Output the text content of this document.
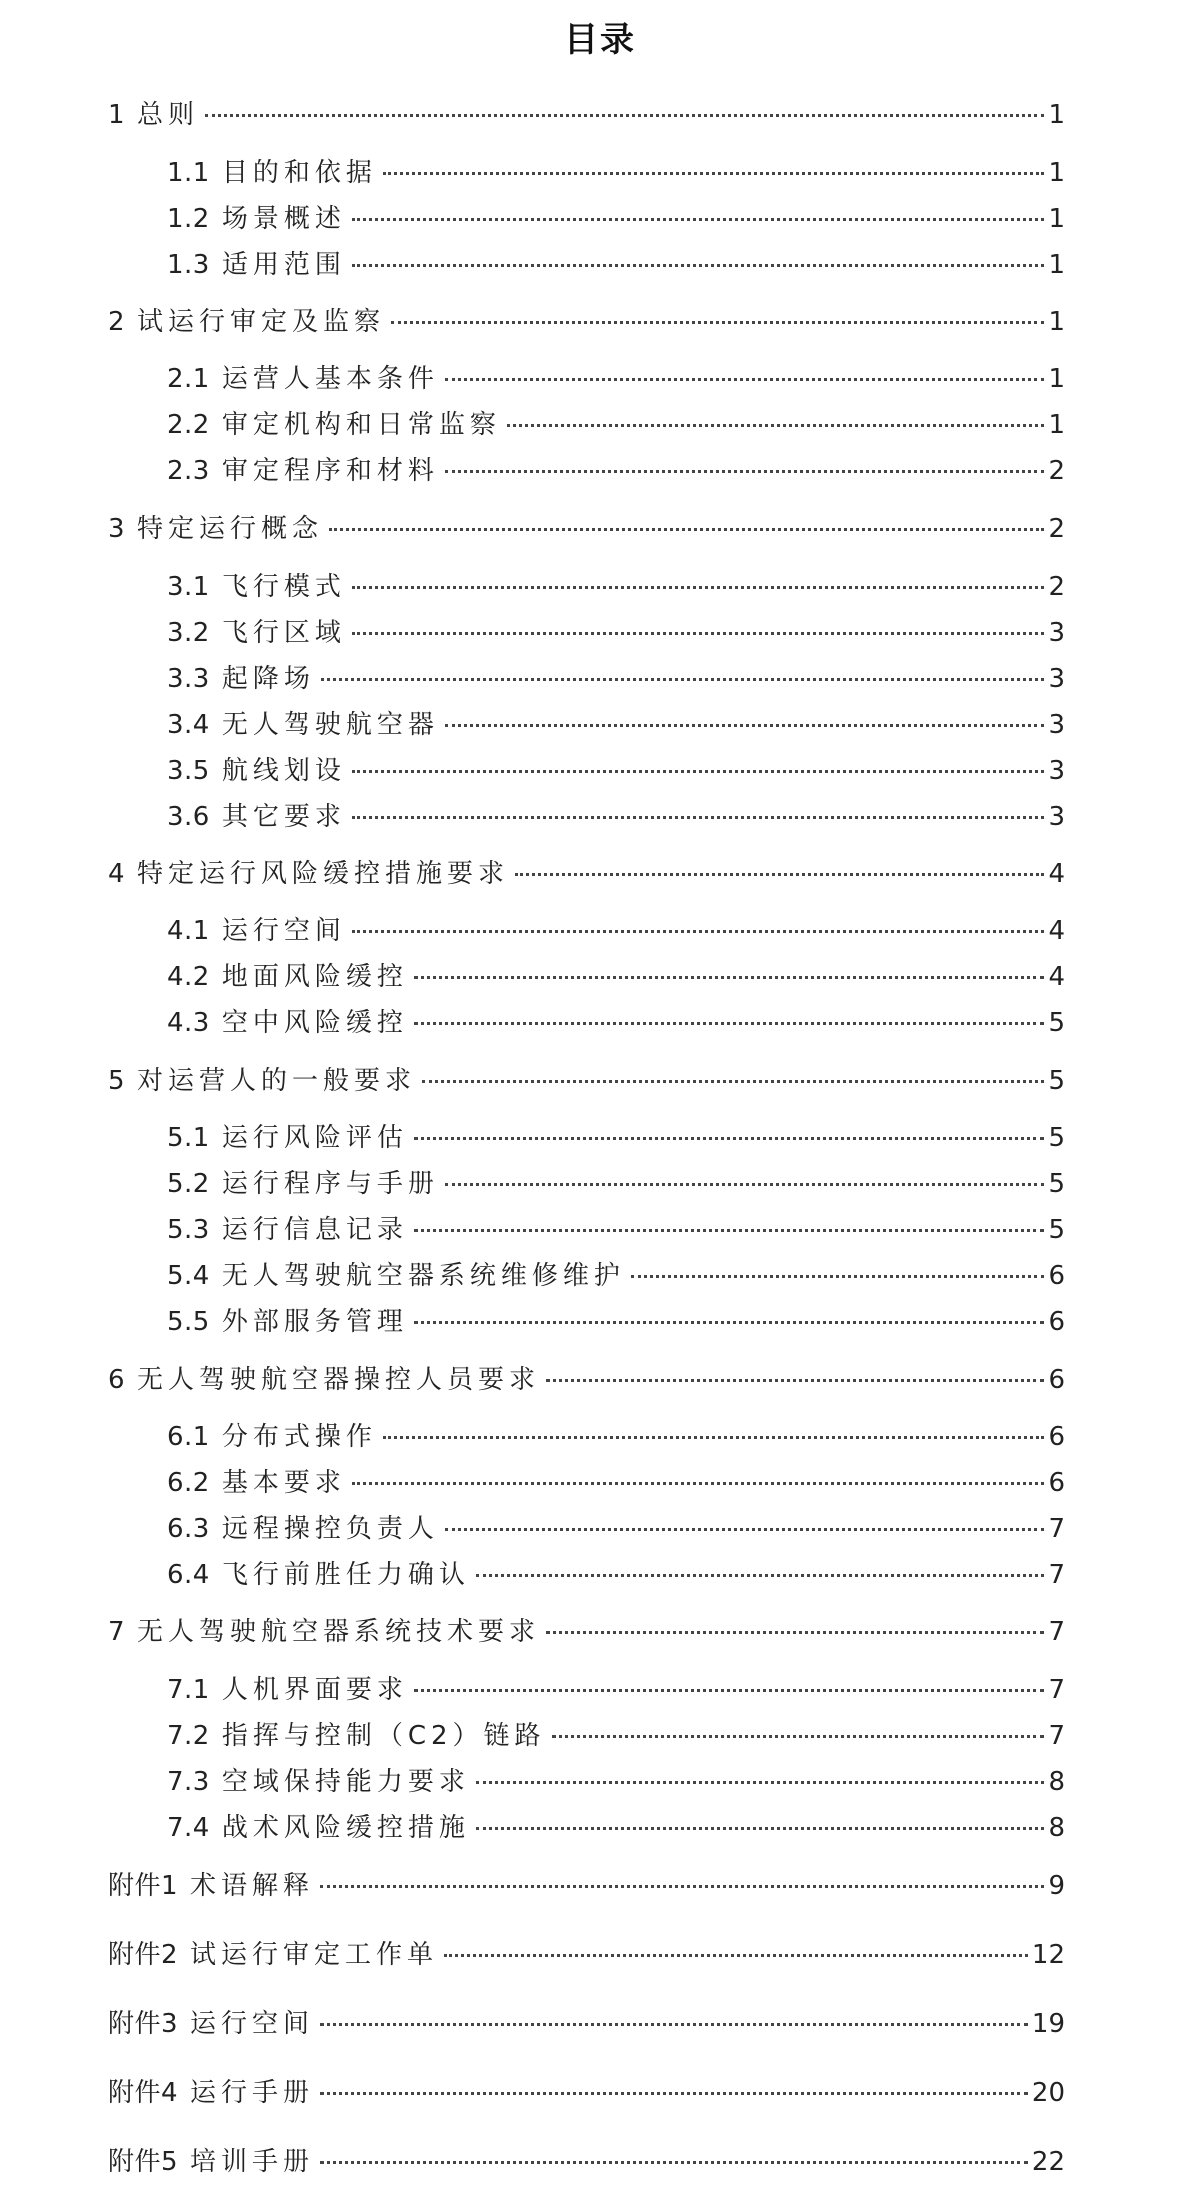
目录
1 总则	1
1.1 目的和依据	1
1.2 场景概述	1
1.3 适用范围	1
2 试运行审定及监察	1
2.1 运营人基本条件	1
2.2 审定机构和日常监察	1
2.3 审定程序和材料	2
3 特定运行概念	2
3.1 飞行模式	2
3.2 飞行区域	3
3.3 起降场	3
3.4 无人驾驶航空器	3
3.5 航线划设	3
3.6 其它要求	3
4 特定运行风险缓控措施要求	4
4.1 运行空间	4
4.2 地面风险缓控	4
4.3 空中风险缓控	5
5 对运营人的一般要求	5
5.1 运行风险评估	5
5.2 运行程序与手册	5
5.3 运行信息记录	5
5.4 无人驾驶航空器系统维修维护	6
5.5 外部服务管理	6
6 无人驾驶航空器操控人员要求	6
6.1 分布式操作	6
6.2 基本要求	6
6.3 远程操控负责人	7
6.4 飞行前胜任力确认	7
7 无人驾驶航空器系统技术要求	7
7.1 人机界面要求	7
7.2 指挥与控制（C2）链路	7
7.3 空域保持能力要求	8
7.4 战术风险缓控措施	8
附件1 术语解释	9
附件2 试运行审定工作单	12
附件3 运行空间	19
附件4 运行手册	20
附件5 培训手册	22
